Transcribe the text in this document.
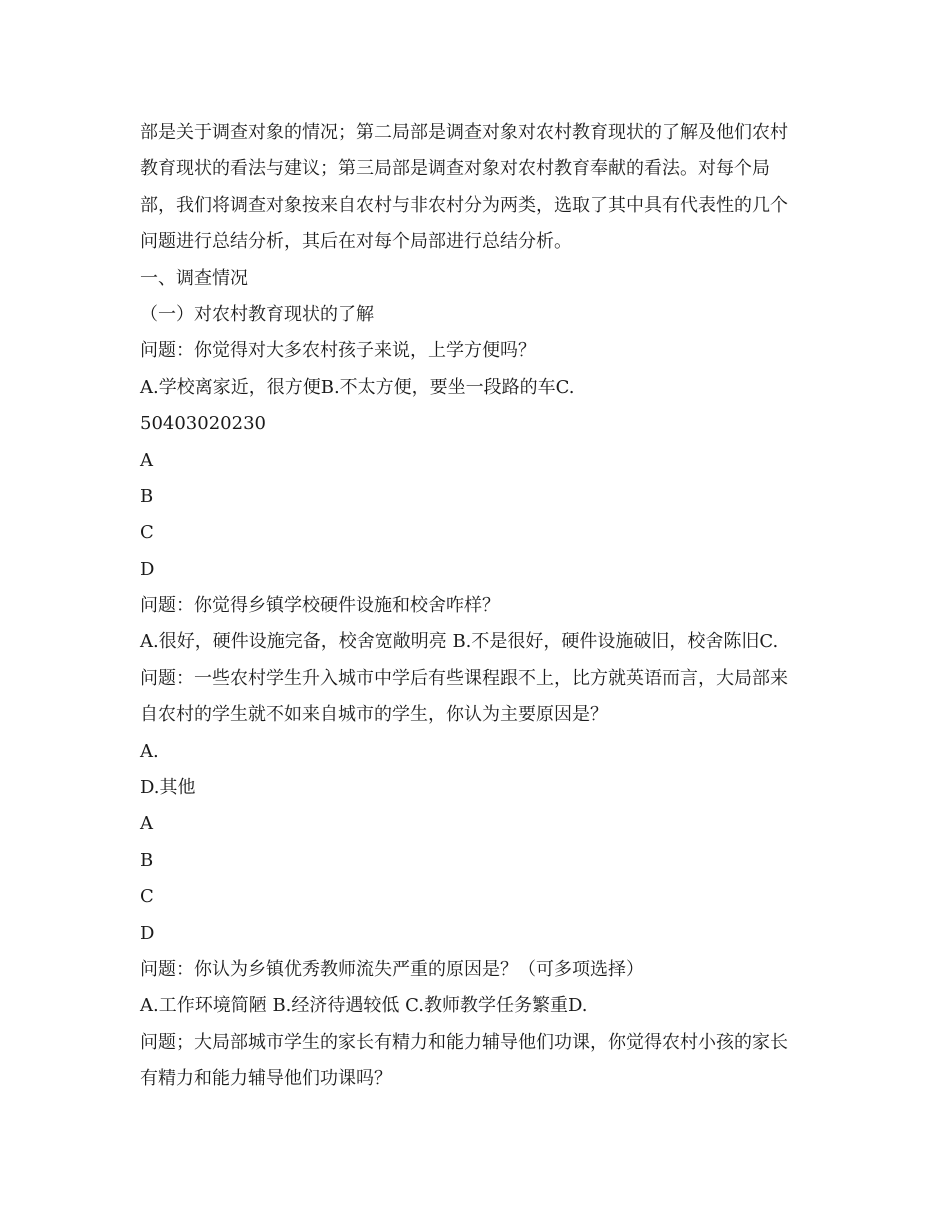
部是关于调查对象的情况；第二局部是调查对象对农村教育现状的了解及他们农村
教育现状的看法与建议；第三局部是调查对象对农村教育奉献的看法。对每个局
部，我们将调查对象按来自农村与非农村分为两类，选取了其中具有代表性的几个
问题进行总结分析，其后在对每个局部进行总结分析。
一、调查情况
（一）对农村教育现状的了解
问题：你觉得对大多农村孩子来说，上学方便吗？
A.学校离家近，很方便B.不太方便，要坐一段路的车C.
50403020230
A
B
C
D
问题：你觉得乡镇学校硬件设施和校舍咋样？
A.很好，硬件设施完备，校舍宽敞明亮 B.不是很好，硬件设施破旧，校舍陈旧C.
问题：一些农村学生升入城市中学后有些课程跟不上，比方就英语而言，大局部来
自农村的学生就不如来自城市的学生，你认为主要原因是？
A.
D.其他
A
B
C
D
问题：你认为乡镇优秀教师流失严重的原因是？（可多项选择）
A.工作环境简陋 B.经济待遇较低 C.教师教学任务繁重D.
问题；大局部城市学生的家长有精力和能力辅导他们功课，你觉得农村小孩的家长
有精力和能力辅导他们功课吗？
